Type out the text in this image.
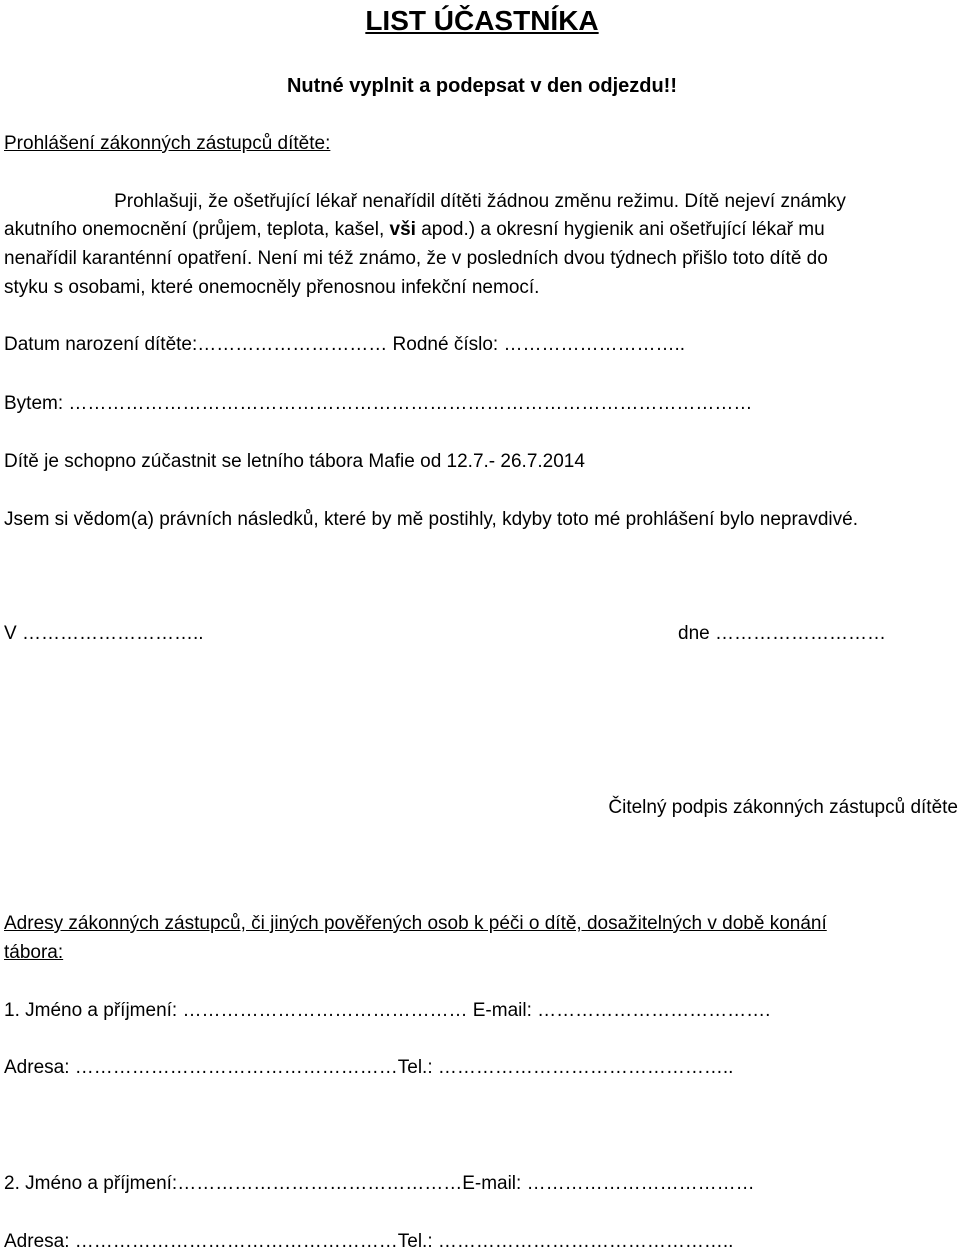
LIST ÚČASTNÍKA
Nutné vyplnit a podepsat v den odjezdu!!
Prohlášení zákonných zástupců dítěte:
Prohlašuji, že ošetřující lékař nenařídil dítěti žádnou změnu režimu. Dítě nejeví známky
akutního onemocnění (průjem, teplota, kašel, vši apod.) a okresní hygienik ani ošetřující lékař mu
nenařídil karanténní opatření. Není mi též známo, že v posledních dvou týdnech přišlo toto dítě do
styku s osobami, které onemocněly přenosnou infekční nemocí.
Datum narození dítěte:………………………… Rodné číslo: ………………………..
Bytem: ………………………………………………………………………………………………
Dítě je schopno zúčastnit se letního tábora Mafie od 12.7.- 26.7.2014
Jsem si vědom(a) právních následků, které by mě postihly, kdyby toto mé prohlášení bylo nepravdivé.
V ………………………..	dne ………………………
Čitelný podpis zákonných zástupců dítěte
Adresy zákonných zástupců, či jiných pověřených osob k péči o dítě, dosažitelných v době konání
tábora:
1. Jméno a příjmení: ……………………………………… E-mail: ……………………………….
Adresa: ……………………………………………Tel.: ………………………………………..
2. Jméno a příjmení:………………………………………E-mail: ………………………………
Adresa: ……………………………………………Tel.: ………………………………………..
